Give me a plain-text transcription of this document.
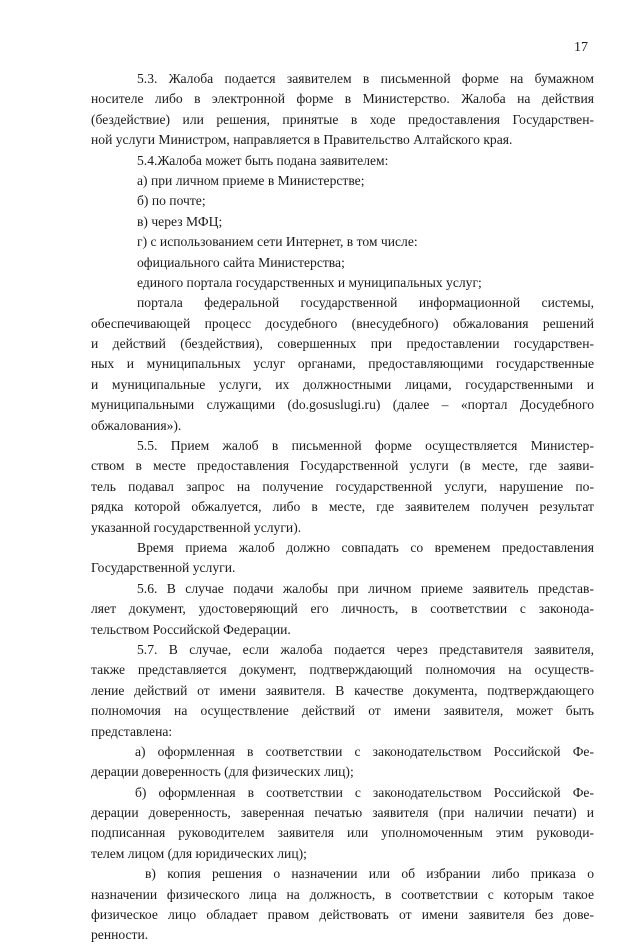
17
5.3. Жалоба подается заявителем в письменной форме на бумажном
носителе либо в электронной форме в Министерство. Жалоба на действия
(бездействие) или решения, принятые в ходе предоставления Государствен-
ной услуги Министром, направляется в Правительство Алтайского края.
5.4.Жалоба может быть подана заявителем:
а) при личном приеме в Министерстве;
б) по почте;
в) через МФЦ;
г) с использованием сети Интернет, в том числе:
официального сайта Министерства;
единого портала государственных и муниципальных услуг;
портала федеральной государственной информационной системы,
обеспечивающей процесс досудебного (внесудебного) обжалования решений
и действий (бездействия), совершенных при предоставлении государствен-
ных и муниципальных услуг органами, предоставляющими государственные
и муниципальные услуги, их должностными лицами, государственными и
муниципальными служащими (do.gosuslugi.ru) (далее – «портал Досудебного
обжалования»).
5.5. Прием жалоб в письменной форме осуществляется Министер-
ством в месте предоставления Государственной услуги (в месте, где заяви-
тель подавал запрос на получение государственной услуги, нарушение по-
рядка которой обжалуется, либо в месте, где заявителем получен результат
указанной государственной услуги).
Время приема жалоб должно совпадать со временем предоставления
Государственной услуги.
5.6. В случае подачи жалобы при личном приеме заявитель представ-
ляет документ, удостоверяющий его личность, в соответствии с законода-
тельством Российской Федерации.
5.7. В случае, если жалоба подается через представителя заявителя,
также представляется документ, подтверждающий полномочия на осуществ-
ление действий от имени заявителя. В качестве документа, подтверждающего
полномочия на осуществление действий от имени заявителя, может быть
представлена:
а) оформленная в соответствии с законодательством Российской Фе-
дерации доверенность (для физических лиц);
б) оформленная в соответствии с законодательством Российской Фе-
дерации доверенность, заверенная печатью заявителя (при наличии печати) и
подписанная руководителем заявителя или уполномоченным этим руководи-
телем лицом (для юридических лиц);
в) копия решения о назначении или об избрании либо приказа о
назначении физического лица на должность, в соответствии с которым такое
физическое лицо обладает правом действовать от имени заявителя без дове-
ренности.
